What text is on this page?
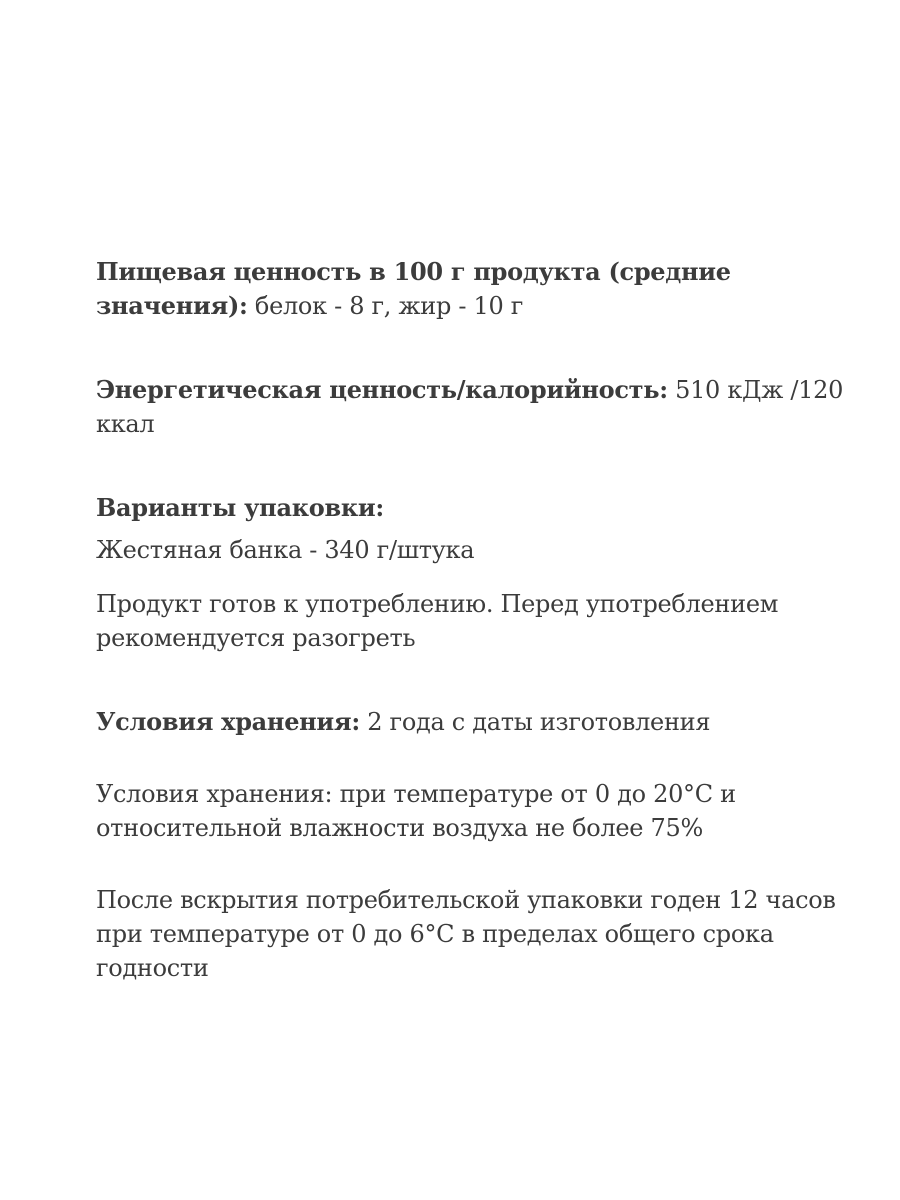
Пищевая ценность в 100 г продукта (средние значения): белок - 8 г, жир - 10 г

Энергетическая ценность/калорийность: 510 кДж /120 ккал

Варианты упаковки:

Жестяная банка - 340 г/штука

Продукт готов к употреблению. Перед употреблением рекомендуется разогреть

Условия хранения: 2 года с даты изготовления

Условия хранения: при температуре от 0 до 20°C и относительной влажности воздуха не более 75%

После вскрытия потребительской упаковки годен 12 часов при температуре от 0 до 6°C в пределах общего срока годности
